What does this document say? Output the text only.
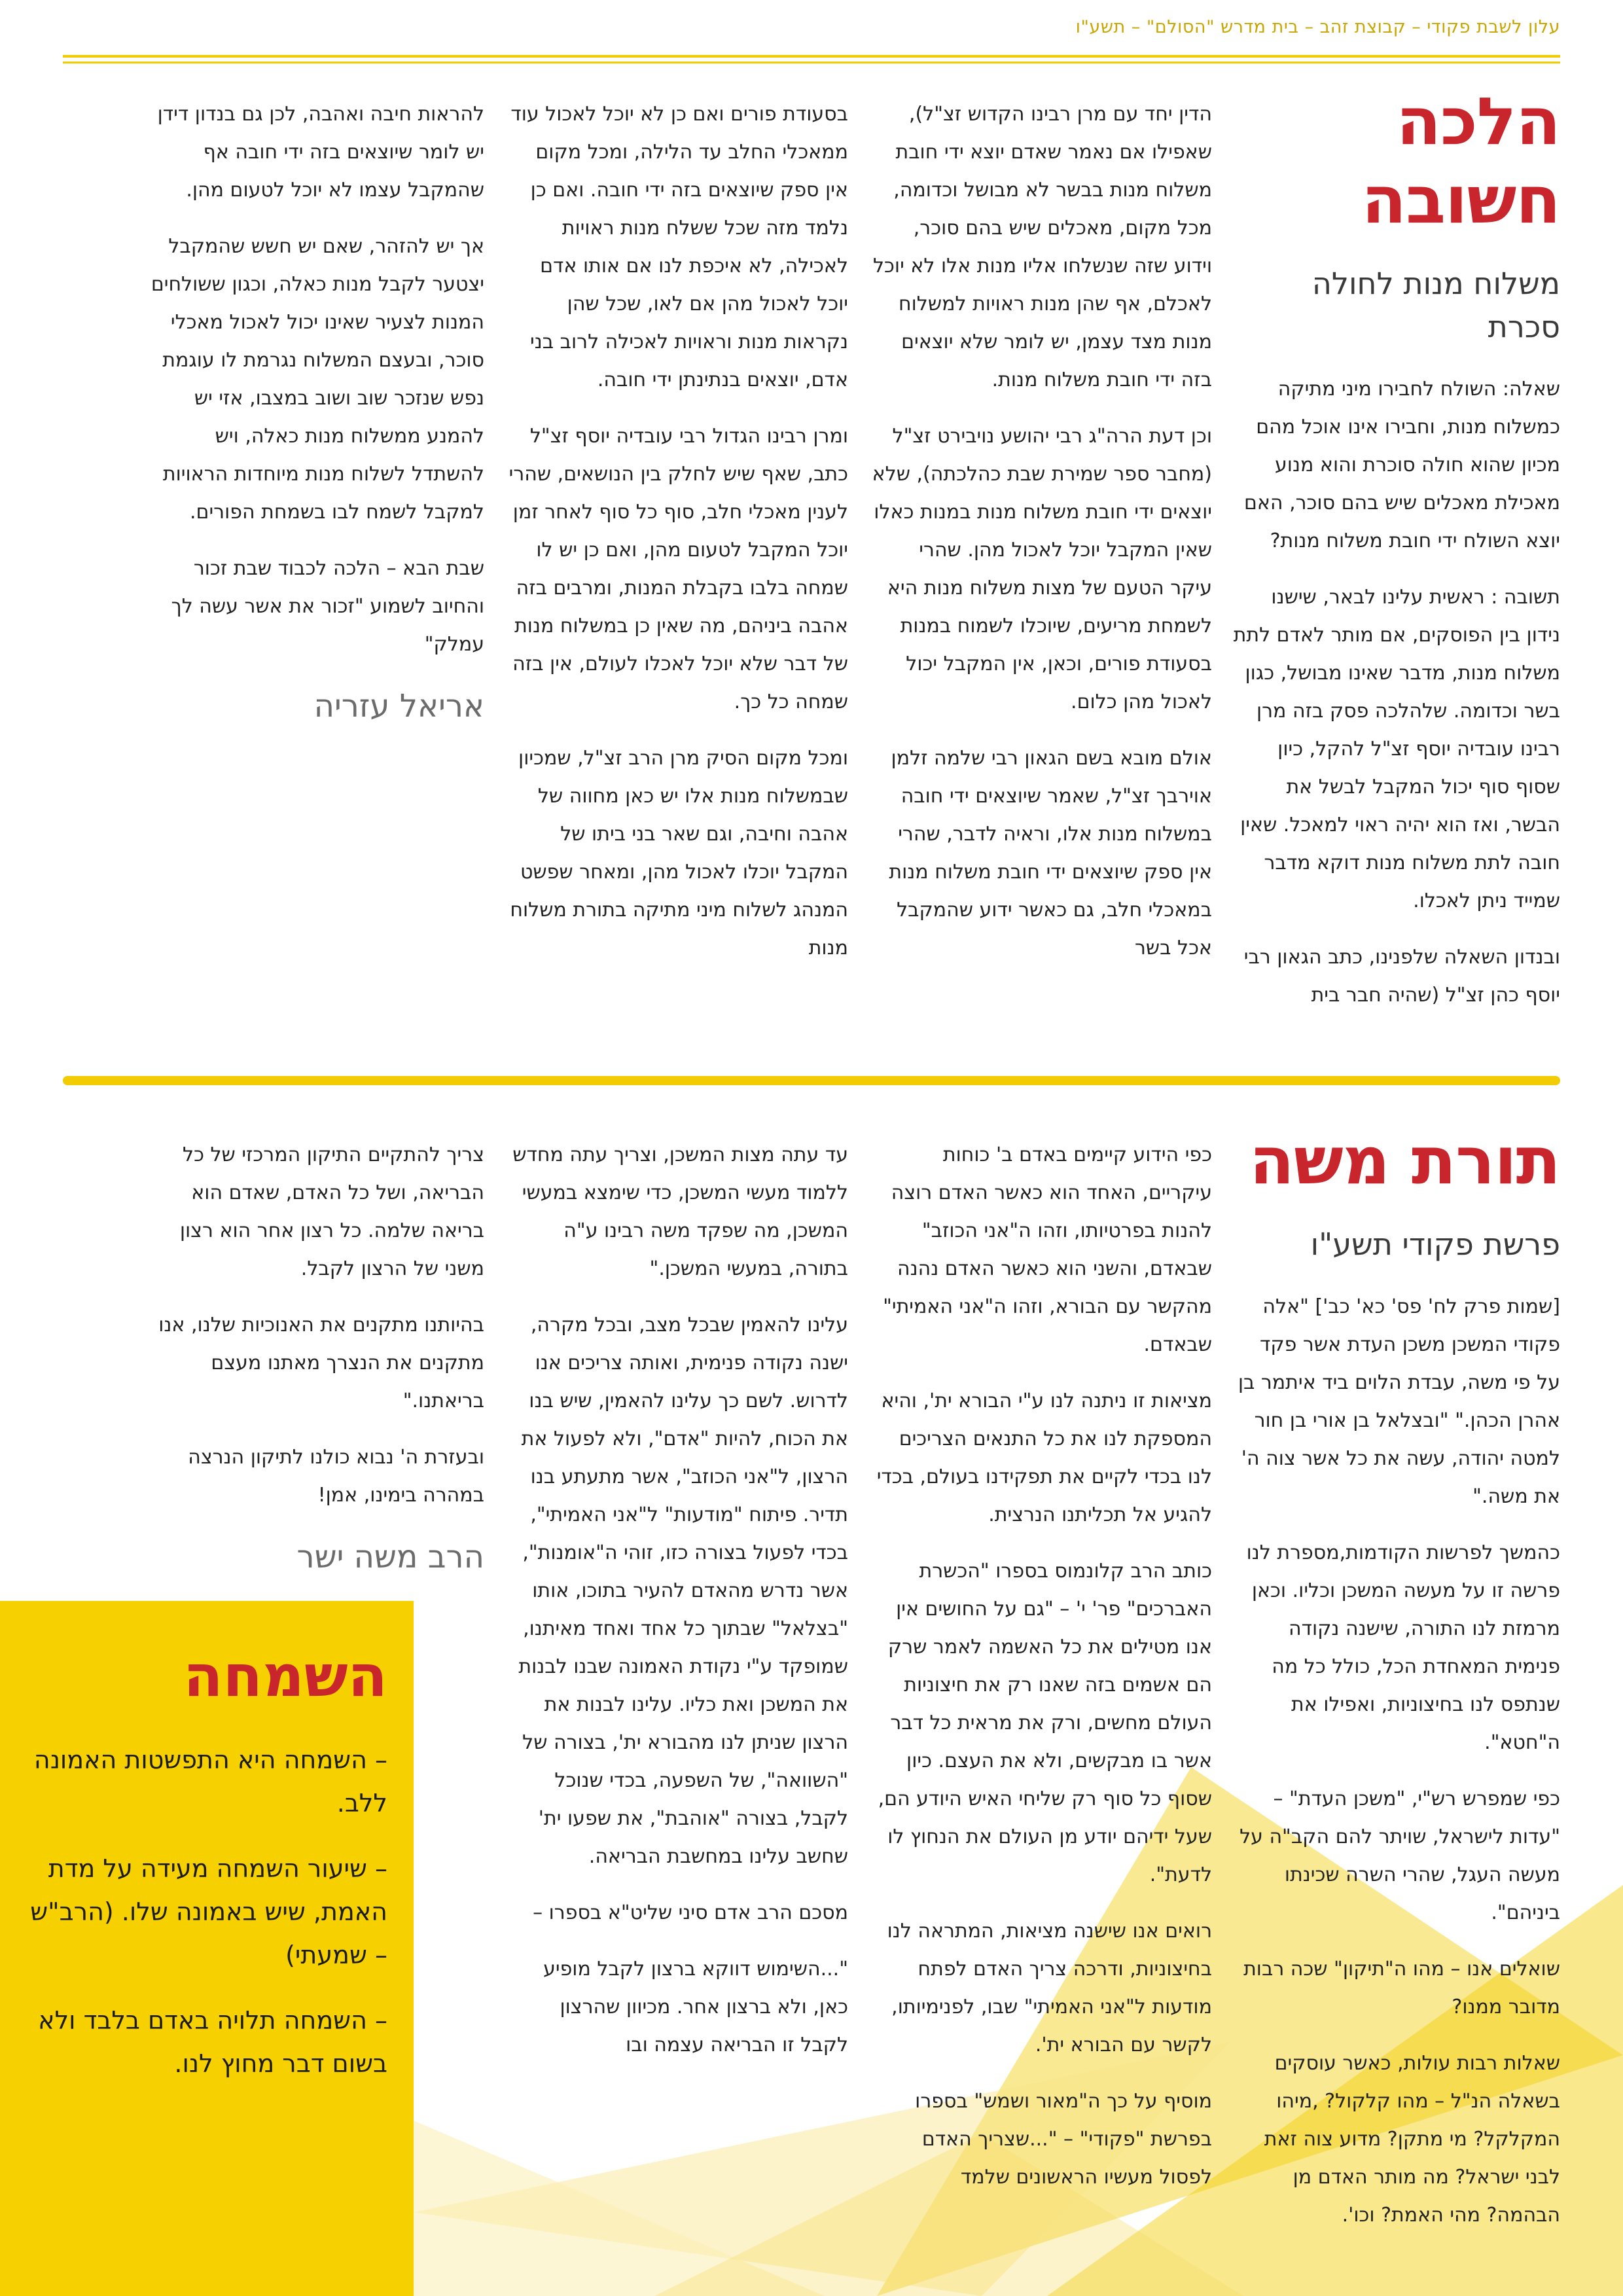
עלון לשבת פקודי – קבוצת זהב – בית מדרש "הסולם" – תשע"ו
הלכה חשובה
משלוח מנות לחולה סכרת

שאלה: השולח לחבירו מיני מתיקה כמשלוח מנות, וחבירו אינו אוכל מהם מכיון שהוא חולה סוכרת והוא מנוע מאכילת מאכלים שיש בהם סוכר, האם יוצא השולח ידי חובת משלוח מנות?

תשובה : ראשית עלינו לבאר, שישנו נידון בין הפוסקים, אם מותר לאדם לתת משלוח מנות, מדבר שאינו מבושל, כגון בשר וכדומה. שלהלכה פסק בזה מרן רבינו עובדיה יוסף זצ"ל להקל, כיון שסוף סוף יכול המקבל לבשל את הבשר, ואז הוא יהיה ראוי למאכל. שאין חובה לתת משלוח מנות דוקא מדבר שמייד ניתן לאכלו.

ובנדון השאלה שלפנינו, כתב הגאון רבי יוסף כהן זצ"ל (שהיה חבר בית

הדין יחד עם מרן רבינו הקדוש זצ"ל), שאפילו אם נאמר שאדם יוצא ידי חובת משלוח מנות בבשר לא מבושל וכדומה, מכל מקום, מאכלים שיש בהם סוכר, וידוע שזה שנשלחו אליו מנות אלו לא יוכל לאכלם, אף שהן מנות ראויות למשלוח מנות מצד עצמן, יש לומר שלא יוצאים בזה ידי חובת משלוח מנות.

וכן דעת הרה"ג רבי יהושע נויבירט זצ"ל (מחבר ספר שמירת שבת כהלכתה), שלא יוצאים ידי חובת משלוח מנות במנות כאלו שאין המקבל יוכל לאכול מהן. שהרי עיקר הטעם של מצות משלוח מנות היא לשמחת מריעים, שיוכלו לשמוח במנות בסעודת פורים, וכאן, אין המקבל יכול לאכול מהן כלום.

אולם מובא בשם הגאון רבי שלמה זלמן אוירבך זצ"ל, שאמר שיוצאים ידי חובה במשלוח מנות אלו, וראיה לדבר, שהרי אין ספק שיוצאים ידי חובת משלוח מנות במאכלי חלב, גם כאשר ידוע שהמקבל אכל בשר

בסעודת פורים ואם כן לא יוכל לאכול עוד ממאכלי החלב עד הלילה, ומכל מקום אין ספק שיוצאים בזה ידי חובה. ואם כן נלמד מזה שכל ששלח מנות ראויות לאכילה, לא איכפת לנו אם אותו אדם יוכל לאכול מהן אם לאו, שכל שהן נקראות מנות וראויות לאכילה לרוב בני אדם, יוצאים בנתינתן ידי חובה.

ומרן רבינו הגדול רבי עובדיה יוסף זצ"ל כתב, שאף שיש לחלק בין הנושאים, שהרי לענין מאכלי חלב, סוף כל סוף לאחר זמן יוכל המקבל לטעום מהן, ואם כן יש לו שמחה בלבו בקבלת המנות, ומרבים בזה אהבה ביניהם, מה שאין כן במשלוח מנות של דבר שלא יוכל לאכלו לעולם, אין בזה שמחה כל כך.

ומכל מקום הסיק מרן הרב זצ"ל, שמכיון שבמשלוח מנות אלו יש כאן מחווה של אהבה וחיבה, וגם שאר בני ביתו של המקבל יוכלו לאכול מהן, ומאחר שפשט המנהג לשלוח מיני מתיקה בתורת משלוח מנות

להראות חיבה ואהבה, לכן גם בנדון דידן יש לומר שיוצאים בזה ידי חובה אף שהמקבל עצמו לא יוכל לטעום מהן.

אך יש להזהר, שאם יש חשש שהמקבל יצטער לקבל מנות כאלה, וכגון ששולחים המנות לצעיר שאינו יכול לאכול מאכלי סוכר, ובעצם המשלוח נגרמת לו עוגמת נפש שנזכר שוב ושוב במצבו, אזי יש להמנע ממשלוח מנות כאלה, ויש להשתדל לשלוח מנות מיוחדות הראויות למקבל לשמח לבו בשמחת הפורים.

שבת הבא – הלכה לכבוד שבת זכור והחיוב לשמוע "זכור את אשר עשה לך עמלק"

אריאל עזריה
תורת משה
פרשת פקודי תשע"ו

[שמות פרק לח' פס' כא' כב'] "אלה פקודי המשכן משכן העדת אשר פקד על פי משה, עבדת הלוים ביד איתמר בן אהרן הכהן." "ובצלאל בן אורי בן חור למטה יהודה, עשה את כל אשר צוה ה' את משה."

כהמשך לפרשות הקודמות,מספרת לנו פרשה זו על מעשה המשכן וכליו. וכאן מרמזת לנו התורה, שישנה נקודה פנימית המאחדת הכל, כולל כל מה שנתפס לנו בחיצוניות, ואפילו את ה"חטא".

כפי שמפרש רש"י, "משכן העדת" – "עדות לישראל, שויתר להם הקב"ה על מעשה העגל, שהרי השרה שכינתו ביניהם".

שואלים אנו – מהו ה"תיקון" שכה רבות מדובר ממנו?

שאלות רבות עולות, כאשר עוסקים בשאלה הנ"ל – מהו קלקול? ,מיהו המקלקל? מי מתקן? מדוע צוה זאת לבני ישראל? מה מותר האדם מן הבהמה? מהי האמת? וכו'.

כפי הידוע קיימים באדם ב' כוחות עיקריים, האחד הוא כאשר האדם רוצה להנות בפרטיותו, וזהו ה"אני הכוזב" שבאדם, והשני הוא כאשר האדם נהנה מהקשר עם הבורא, וזהו ה"אני האמיתי" שבאדם.

מציאות זו ניתנה לנו ע"י הבורא ית', והיא המספקת לנו את כל התנאים הצריכים לנו בכדי לקיים את תפקידנו בעולם, בכדי להגיע אל תכליתנו הנרצית.

כותב הרב קלונמוס בספרו "הכשרת האברכים" פר' י' – "גם על החושים אין אנו מטילים את כל האשמה לאמר שרק הם אשמים בזה שאנו רק את חיצוניות העולם מחשים, ורק את מראית כל דבר אשר בו מבקשים, ולא את העצם. כיון שסוף כל סוף רק שליחי האיש היודע הם, שעל ידיהם יודע מן העולם את הנחוץ לו לדעת".

רואים אנו שישנה מציאות, המתראה לנו בחיצוניות, ודרכה צריך האדם לפתח מודעות ל"אני האמיתי" שבו, לפנימיותו, לקשר עם הבורא ית'.

מוסיף על כך ה"מאור ושמש" בספרו בפרשת "פקודי" – "...שצריך האדם לפסול מעשיו הראשונים שלמד

עד עתה מצות המשכן, וצריך עתה מחדש ללמוד מעשי המשכן, כדי שימצא במעשי המשכן, מה שפקד משה רבינו ע"ה בתורה, במעשי המשכן."

עלינו להאמין שבכל מצב, ובכל מקרה, ישנה נקודה פנימית, ואותה צריכים אנו לדרוש. לשם כך עלינו להאמין, שיש בנו את הכוח, להיות "אדם", ולא לפעול את הרצון, ל"אני הכוזב", אשר מתעתע בנו תדיר. פיתוח "מודעות" ל"אני האמיתי", בכדי לפעול בצורה כזו, זוהי ה"אומנות", אשר נדרש מהאדם להעיר בתוכו, אותו "בצלאל" שבתוך כל אחד ואחד מאיתנו, שמופקד ע"י נקודת האמונה שבנו לבנות את המשכן ואת כליו. עלינו לבנות את הרצון שניתן לנו מהבורא ית', בצורה של "השוואה", של השפעה, בכדי שנוכל לקבל, בצורה "אוהבת", את שפעו ית' שחשב עלינו במחשבת הבריאה.

מסכם הרב אדם סיני שליט"א בספרו –

"...השימוש דווקא ברצון לקבל מופיע כאן, ולא ברצון אחר. מכיוון שהרצון לקבל זו הבריאה עצמה ובו

צריך להתקיים התיקון המרכזי של כל הבריאה, ושל כל האדם, שאדם הוא בריאה שלמה. כל רצון אחר הוא רצון משני של הרצון לקבל.

בהיותנו מתקנים את האנוכיות שלנו, אנו מתקנים את הנצרך מאתנו מעצם בריאתנו."

ובעזרת ה' נבוא כולנו לתיקון הנרצה במהרה בימינו, אמן!

הרב משה ישר
השמחה

– השמחה היא התפשטות האמונה ללב.

– שיעור השמחה מעידה על מדת האמת, שיש באמונה שלו. (הרב"ש – שמעתי)

– השמחה תלויה באדם בלבד ולא בשום דבר מחוץ לנו.
